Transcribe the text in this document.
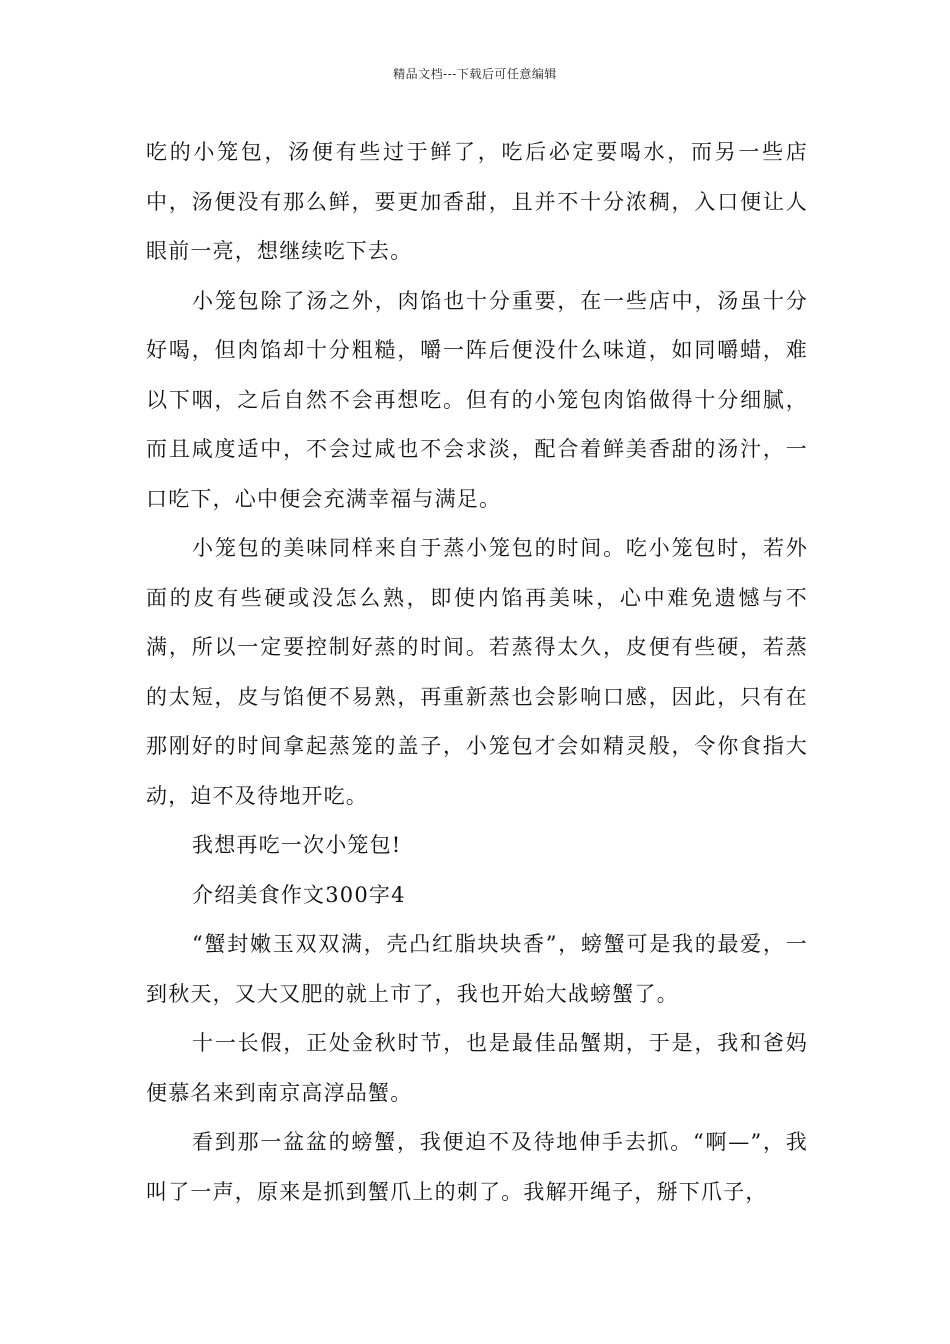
精品文档---下载后可任意编辑

吃的小笼包，汤便有些过于鲜了，吃后必定要喝水，而另一些店中，汤便没有那么鲜，要更加香甜，且并不十分浓稠，入口便让人眼前一亮，想继续吃下去。

小笼包除了汤之外，肉馅也十分重要，在一些店中，汤虽十分好喝，但肉馅却十分粗糙，嚼一阵后便没什么味道，如同嚼蜡，难以下咽，之后自然不会再想吃。但有的小笼包肉馅做得十分细腻，而且咸度适中，不会过咸也不会求淡，配合着鲜美香甜的汤汁，一口吃下，心中便会充满幸福与满足。

小笼包的美味同样来自于蒸小笼包的时间。吃小笼包时，若外面的皮有些硬或没怎么熟，即使内馅再美味，心中难免遗憾与不满，所以一定要控制好蒸的时间。若蒸得太久，皮便有些硬，若蒸的太短，皮与馅便不易熟，再重新蒸也会影响口感，因此，只有在那刚好的时间拿起蒸笼的盖子，小笼包才会如精灵般，令你食指大动，迫不及待地开吃。

我想再吃一次小笼包!

介绍美食作文300字4

“蟹封嫩玉双双满，壳凸红脂块块香”，螃蟹可是我的最爱，一到秋天，又大又肥的就上市了，我也开始大战螃蟹了。

十一长假，正处金秋时节，也是最佳品蟹期，于是，我和爸妈便慕名来到南京高淳品蟹。

看到那一盆盆的螃蟹，我便迫不及待地伸手去抓。“啊—”，我叫了一声，原来是抓到蟹爪上的刺了。我解开绳子，掰下爪子，
